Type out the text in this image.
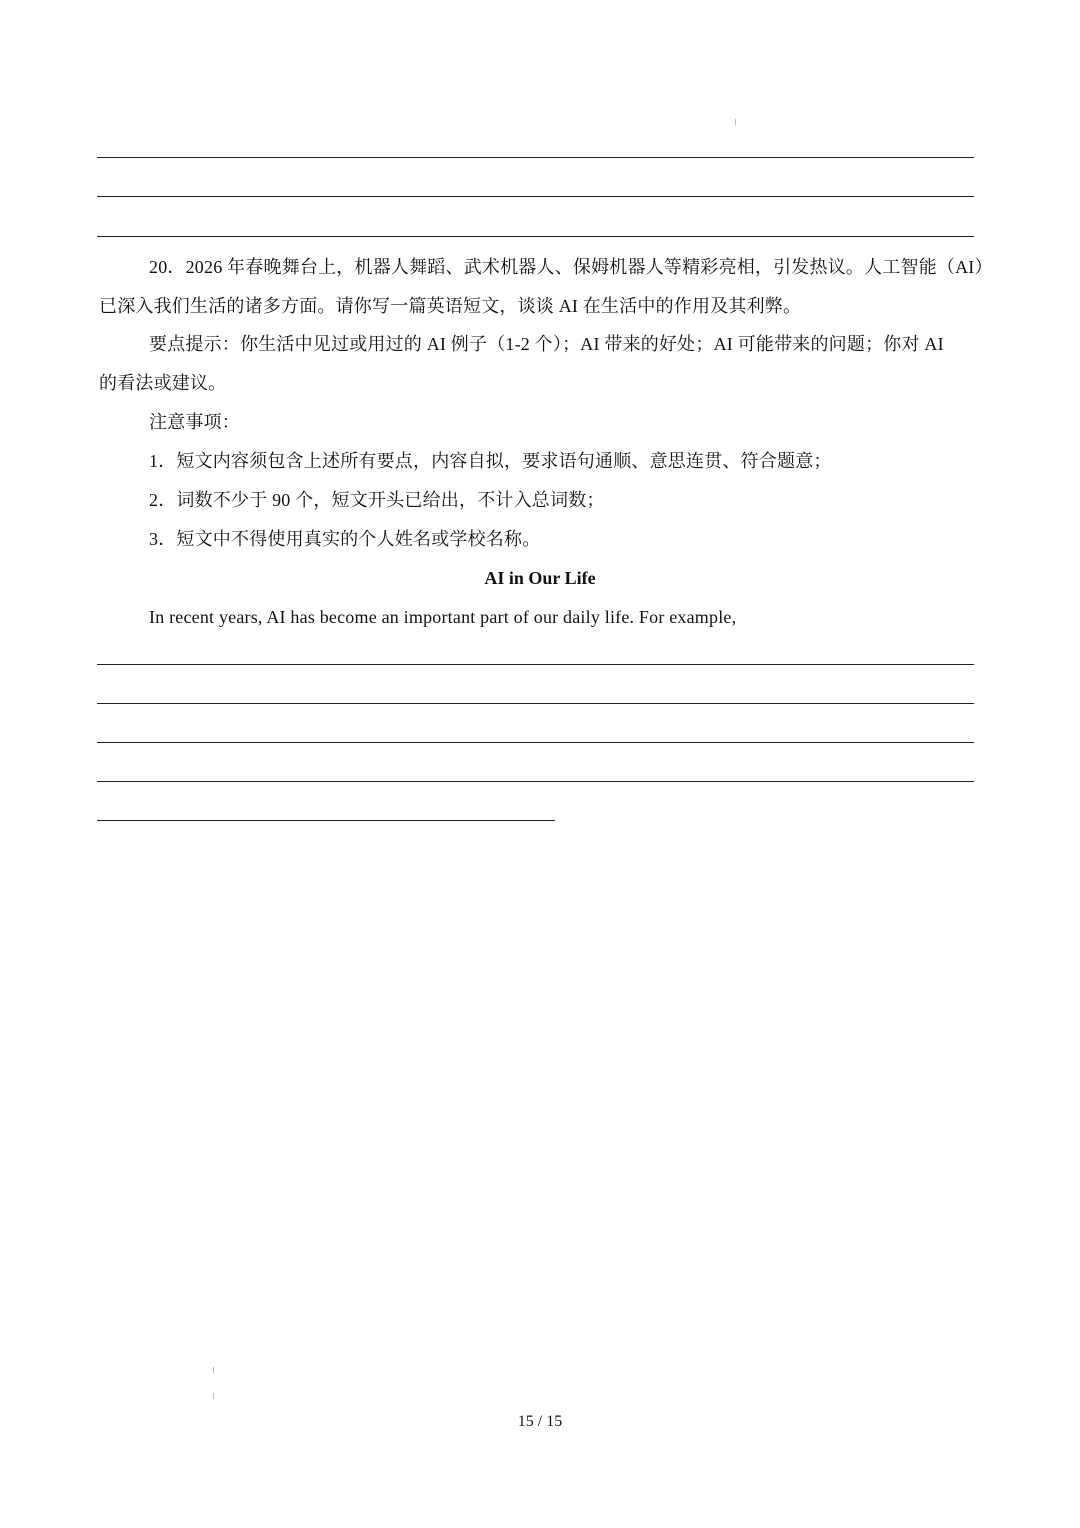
20．2026 年春晚舞台上，机器人舞蹈、武术机器人、保姆机器人等精彩亮相，引发热议。人工智能（AI）
已深入我们生活的诸多方面。请你写一篇英语短文，谈谈 AI 在生活中的作用及其利弊。
要点提示：你生活中见过或用过的 AI 例子（1-2 个）；AI 带来的好处；AI 可能带来的问题；你对 AI
的看法或建议。
注意事项：
1．短文内容须包含上述所有要点，内容自拟，要求语句通顺、意思连贯、符合题意；
2．词数不少于 90 个，短文开头已给出，不计入总词数；
3．短文中不得使用真实的个人姓名或学校名称。
AI in Our Life
In recent years, AI has become an important part of our daily life. For example,
15 / 15
